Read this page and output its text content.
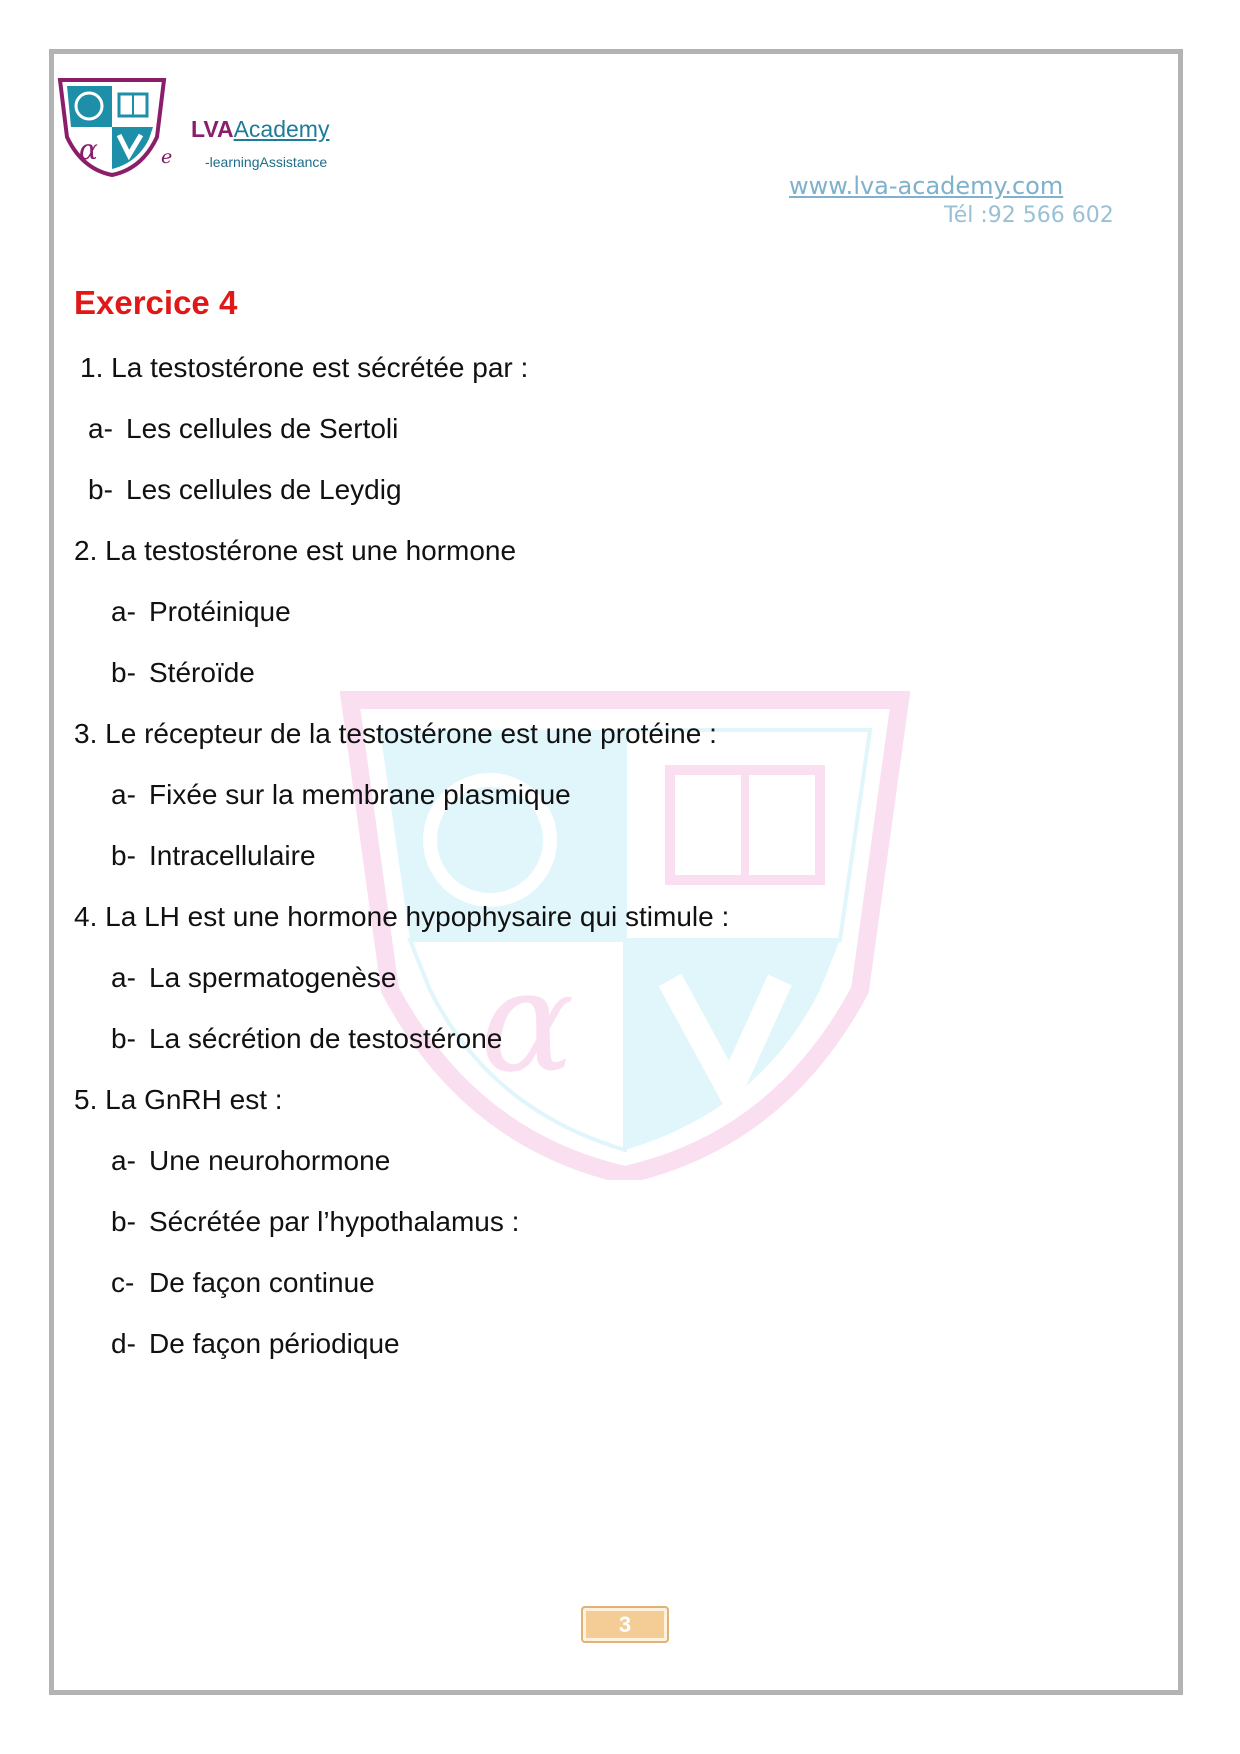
α
α	e
LVAAcademy
-learningAssistance
www.lva-academy.com
Tél :92 566 602
Exercice 4
1. La testostérone est sécrétée par :
a- Les cellules de Sertoli
b- Les cellules de Leydig
2. La testostérone est une hormone
a- Protéinique
b- Stéroïde
3. Le récepteur de la testostérone est une protéine :
a- Fixée sur la membrane plasmique
b- Intracellulaire
4. La LH est une hormone hypophysaire qui stimule :
a- La spermatogenèse
b- La sécrétion de testostérone
5. La GnRH est :
a- Une neurohormone
b- Sécrétée par l’hypothalamus :
c- De façon continue
d- De façon périodique
3
